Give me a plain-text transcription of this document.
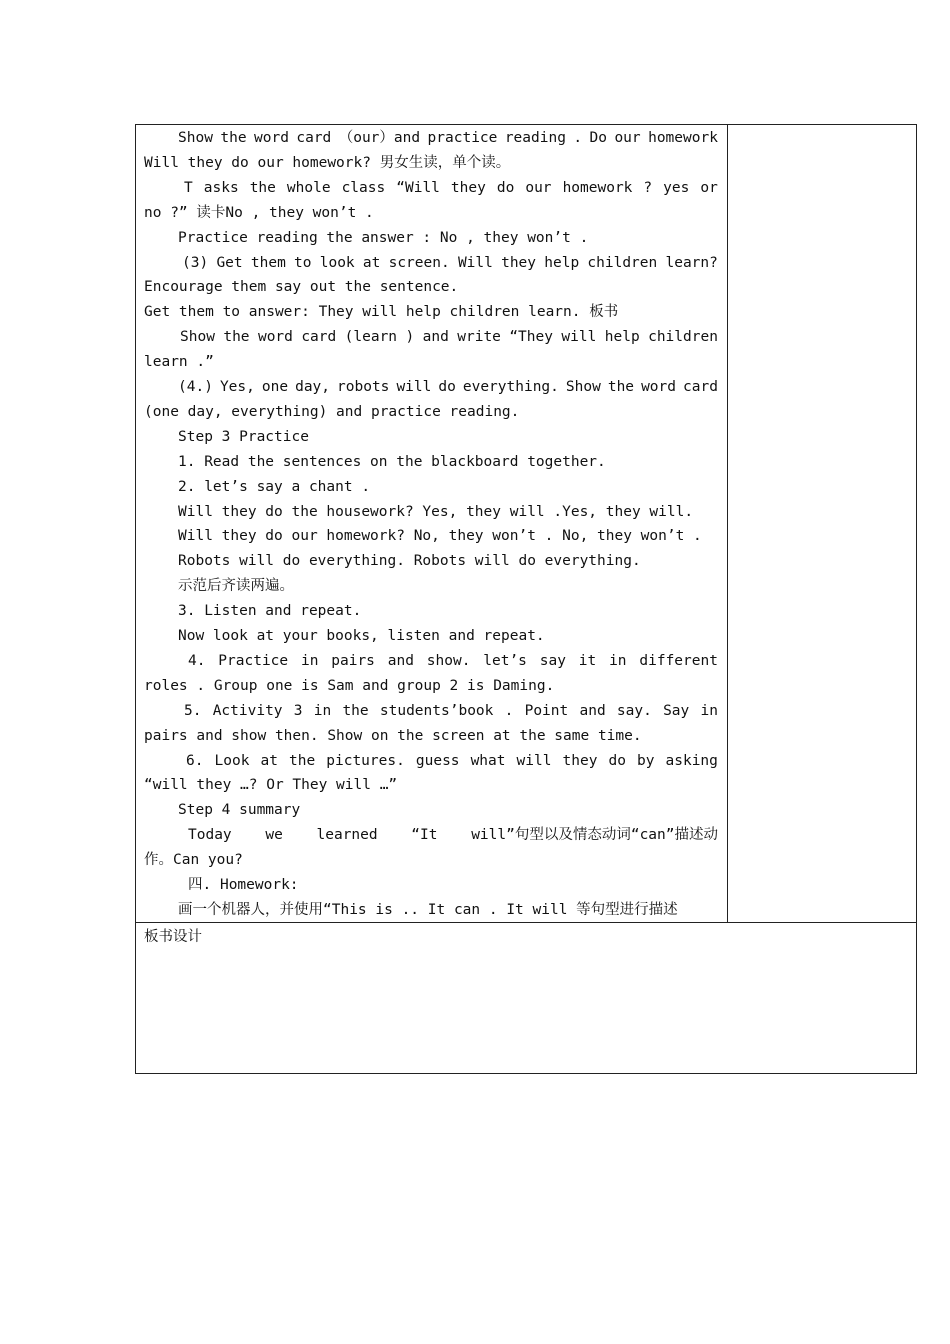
Show the word card （our）and practice reading . Do our homework
Will they do our homework? 男女生读，单个读。
T asks the whole class “Will they do our homework ? yes or
no ?” 读卡No , they won’t .
Practice reading the answer : No , they won’t .
(3) Get them to look at screen. Will they help children learn?
Encourage them say out the sentence.
Get them to answer: They will help children learn. 板书
Show the word card (learn ) and write “They will help children
learn .”
(4.) Yes, one day, robots will do everything. Show the word card
(one day, everything) and practice reading.
Step 3 Practice
1. Read the sentences on the blackboard together.
2. let’s say a chant .
Will they do the housework? Yes, they will .Yes, they will.
Will they do our homework? No, they won’t . No, they won’t .
Robots will do everything. Robots will do everything.
示范后齐读两遍。
3. Listen and repeat.
Now look at your books, listen and repeat.
4. Practice in pairs and show. let’s say it in different
roles . Group one is Sam and group 2 is Daming.
5. Activity 3 in the students’book . Point and say. Say in
pairs and show then. Show on the screen at the same time.
6. Look at the pictures. guess what will they do by asking
“will they …? Or They will …”
Step 4 summary
Today we learned “It will”句型以及情态动词“can”描述动
作。Can you?
四. Homework:
画一个机器人，并使用“This is .. It can . It will 等句型进行描述
板书设计
